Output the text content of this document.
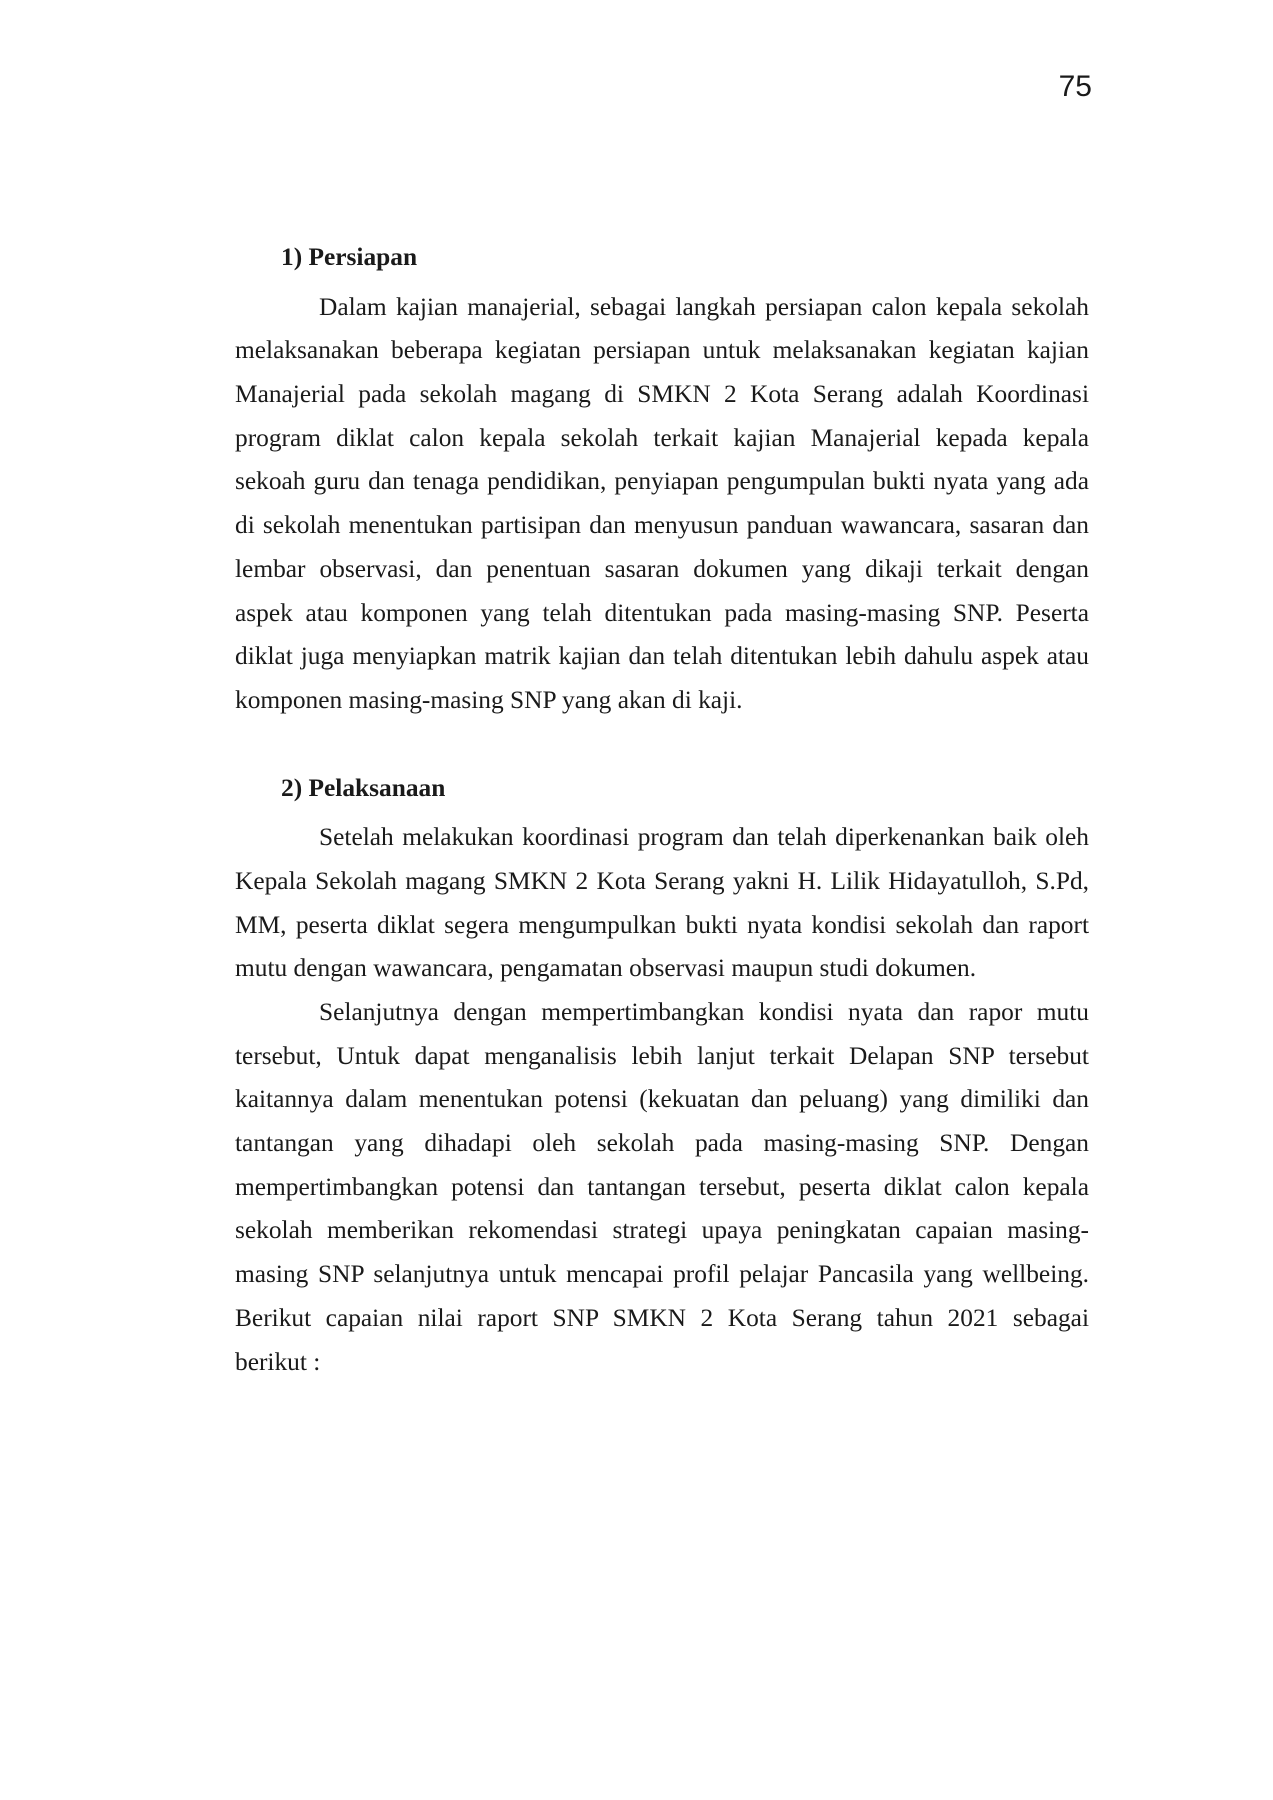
75
1) Persiapan
Dalam kajian manajerial, sebagai langkah persiapan calon kepala sekolah
melaksanakan beberapa kegiatan persiapan untuk melaksanakan kegiatan kajian
Manajerial pada sekolah magang di SMKN 2 Kota Serang adalah Koordinasi
program diklat calon kepala sekolah terkait kajian Manajerial kepada kepala
sekoah guru dan tenaga pendidikan, penyiapan pengumpulan bukti nyata yang ada
di sekolah menentukan partisipan dan menyusun panduan wawancara, sasaran dan
lembar observasi, dan penentuan sasaran dokumen yang dikaji terkait dengan
aspek atau komponen yang telah ditentukan pada masing-masing SNP. Peserta
diklat juga menyiapkan matrik kajian dan telah ditentukan lebih dahulu aspek atau
komponen masing-masing SNP yang akan di kaji.
2) Pelaksanaan
Setelah melakukan koordinasi program dan telah diperkenankan baik oleh
Kepala Sekolah magang SMKN 2 Kota Serang yakni H. Lilik Hidayatulloh, S.Pd,
MM, peserta diklat segera mengumpulkan bukti nyata kondisi sekolah dan raport
mutu dengan wawancara, pengamatan observasi maupun studi dokumen.
Selanjutnya dengan mempertimbangkan kondisi nyata dan rapor mutu
tersebut, Untuk dapat menganalisis lebih lanjut terkait Delapan SNP tersebut
kaitannya dalam menentukan potensi (kekuatan dan peluang) yang dimiliki dan
tantangan yang dihadapi oleh sekolah pada masing-masing SNP. Dengan
mempertimbangkan potensi dan tantangan tersebut, peserta diklat calon kepala
sekolah memberikan rekomendasi strategi upaya peningkatan capaian masing-
masing SNP selanjutnya untuk mencapai profil pelajar Pancasila yang wellbeing.
Berikut capaian nilai raport SNP SMKN 2 Kota Serang tahun 2021 sebagai
berikut :
